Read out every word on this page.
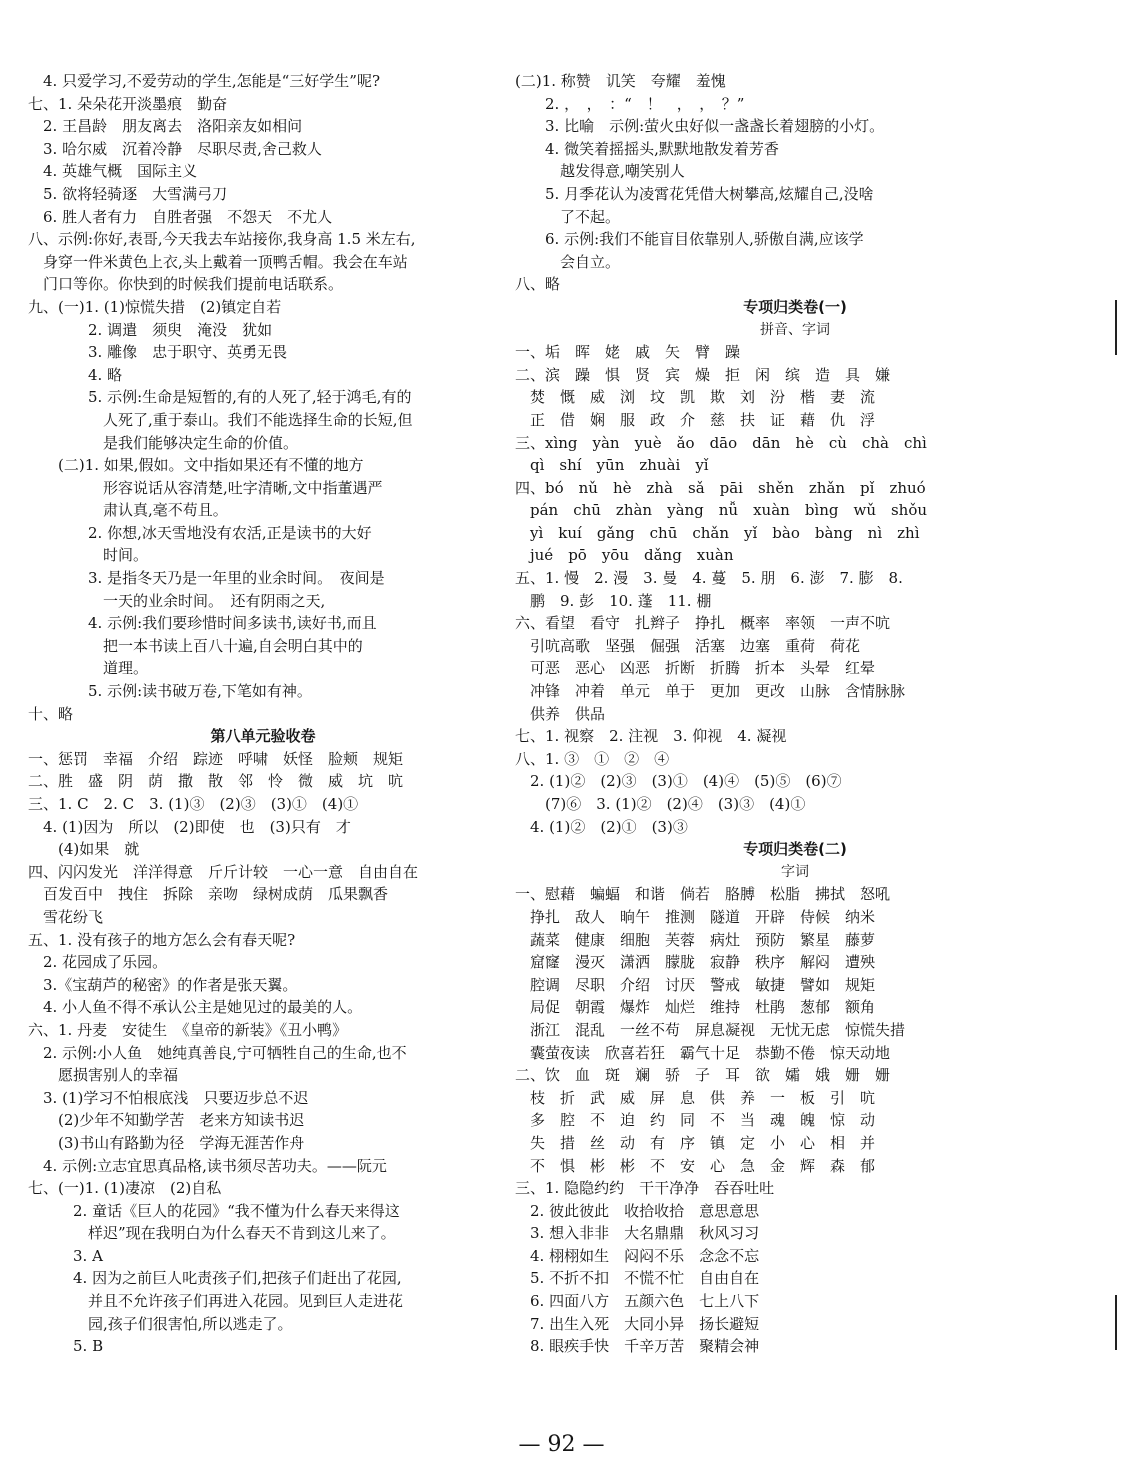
　4. 只爱学习,不爱劳动的学生,怎能是“三好学生”呢?
七、1. 朵朵花开淡墨痕　勤奋
　2. 王昌龄　朋友离去　洛阳亲友如相问
　3. 哈尔威　沉着冷静　尽职尽责,舍己救人
　4. 英雄气概　国际主义
　5. 欲将轻骑逐　大雪满弓刀
　6. 胜人者有力　自胜者强　不怨天　不尤人
八、示例:你好,表哥,今天我去车站接你,我身高 1.5 米左右,
　身穿一件米黄色上衣,头上戴着一顶鸭舌帽。我会在车站
　门口等你。你快到的时候我们提前电话联系。
九、(一)1. (1)惊慌失措　(2)镇定自若
　　　　2. 调遣　须臾　淹没　犹如
　　　　3. 雕像　忠于职守、英勇无畏
　　　　4. 略
　　　　5. 示例:生命是短暂的,有的人死了,轻于鸿毛,有的
　　　　　人死了,重于泰山。我们不能选择生命的长短,但
　　　　　是我们能够决定生命的价值。
　　(二)1. 如果,假如。文中指如果还有不懂的地方
　　　　　形容说话从容清楚,吐字清晰,文中指董遇严
　　　　　肃认真,毫不苟且。
　　　　2. 你想,冰天雪地没有农活,正是读书的大好
　　　　　时间。
　　　　3. 是指冬天乃是一年里的业余时间。　夜间是
　　　　　一天的业余时间。　还有阴雨之天,
　　　　4. 示例:我们要珍惜时间多读书,读好书,而且
　　　　　把一本书读上百八十遍,自会明白其中的
　　　　　道理。
　　　　5. 示例:读书破万卷,下笔如有神。
十、略
第八单元验收卷
一、惩罚　幸福　介绍　踪迹　呼啸　妖怪　脸颊　规矩
二、胜　盛　阴　荫　撒　散　邻　怜　微　威　坑　吭
三、1. C　2. C　3. (1)③　(2)③　(3)①　(4)①
　4. (1)因为　所以　(2)即使　也　(3)只有　才
　　(4)如果　就
四、闪闪发光　洋洋得意　斤斤计较　一心一意　自由自在
　百发百中　拽住　拆除　亲吻　绿树成荫　瓜果飘香
　雪花纷飞
五、1. 没有孩子的地方怎么会有春天呢?
　2. 花园成了乐园。
　3.《宝葫芦的秘密》的作者是张天翼。
　4. 小人鱼不得不承认公主是她见过的最美的人。
六、1. 丹麦　安徒生　《皇帝的新装》《丑小鸭》
　2. 示例:小人鱼　她纯真善良,宁可牺牲自己的生命,也不
　　愿损害别人的幸福
　3. (1)学习不怕根底浅　只要迈步总不迟
　　(2)少年不知勤学苦　老来方知读书迟
　　(3)书山有路勤为径　学海无涯苦作舟
　4. 示例:立志宜思真品格,读书须尽苦功夫。——阮元
七、(一)1. (1)凄凉　(2)自私
　　　2. 童话《巨人的花园》“我不懂为什么春天来得这
　　　　样迟”现在我明白为什么春天不肯到这儿来了。
　　　3. A
　　　4. 因为之前巨人叱责孩子们,把孩子们赶出了花园,
　　　　并且不允许孩子们再进入花园。见到巨人走进花
　　　　园,孩子们很害怕,所以逃走了。
　　　5. B
(二)1. 称赞　讥笑　夸耀　羞愧
　　2. ，　，　：“　！　，　，　？”
　　3. 比喻　示例:萤火虫好似一盏盏长着翅膀的小灯。
　　4. 微笑着摇摇头,默默地散发着芳香
　　　越发得意,嘲笑别人
　　5. 月季花认为凌霄花凭借大树攀高,炫耀自己,没啥
　　　了不起。
　　6. 示例:我们不能盲目依靠别人,骄傲自满,应该学
　　　会自立。
八、略
专项归类卷(一)
拼音、字词
一、垢　晖　姥　戚　矢　臂　躁
二、滨　躁　惧　贤　宾　燥　拒　闲　缤　造　具　嫌
　焚　慨　威　浏　坟　凯　欺　刘　汾　楷　妻　流
　正　借　娴　服　政　介　慈　扶　证　藉　仇　浮
三、xìng　yàn　yuè　ǎo　dāo　dān　hè　cù　chà　chì
　qì　shí　yūn　zhuài　yǐ
四、bó　nǔ　hè　zhà　sǎ　pāi　shěn　zhǎn　pǐ　zhuó
　pán　chū　zhàn　yàng　nǚ　xuàn　bìng　wǔ　shǒu
　yì　kuí　gǎng　chū　chǎn　yǐ　bào　bàng　nì　zhì
　jué　pō　yōu　dǎng　xuàn
五、1. 慢　2. 漫　3. 曼　4. 蔓　5. 朋　6. 澎　7. 膨　8.
　鹏　9. 彭　10. 蓬　11. 棚
六、看望　看守　扎辫子　挣扎　概率　率领　一声不吭
　引吭高歌　坚强　倔强　活塞　边塞　重荷　荷花
　可恶　恶心　凶恶　折断　折腾　折本　头晕　红晕
　冲锋　冲着　单元　单于　更加　更改　山脉　含情脉脉
　供养　供品
七、1. 视察　2. 注视　3. 仰视　4. 凝视
八、1. ③　①　②　④
　2. (1)②　(2)③　(3)①　(4)④　(5)⑤　(6)⑦
　　(7)⑥　3. (1)②　(2)④　(3)③　(4)①
　4. (1)②　(2)①　(3)③
专项归类卷(二)
字词
一、慰藉　蝙蝠　和谐　倘若　胳膊　松脂　拂拭　怒吼
　挣扎　敌人　晌午　推测　隧道　开辟　侍候　纳米
　蔬菜　健康　细胞　芙蓉　病灶　预防　繁星　藤萝
　窟窿　漫灭　潇洒　朦胧　寂静　秩序　解闷　遭殃
　腔调　尽职　介绍　讨厌　警戒　敏捷　譬如　规矩
　局促　朝霞　爆炸　灿烂　维持　杜鹃　葱郁　额角
　浙江　混乱　一丝不苟　屏息凝视　无忧无虑　惊慌失措
　囊萤夜读　欣喜若狂　霸气十足　恭勤不倦　惊天动地
二、饮　血　斑　斓　骄　子　耳　欲　孀　娥　姗　姗
　枝　折　武　威　屏　息　供　养　一　板　引　吭
　多　腔　不　迫　约　同　不　当　魂　魄　惊　动
　失　措　丝　动　有　序　镇　定　小　心　相　并
　不　惧　彬　彬　不　安　心　急　金　辉　森　郁
三、1. 隐隐约约　干干净净　吞吞吐吐
　2. 彼此彼此　收拾收拾　意思意思
　3. 想入非非　大名鼎鼎　秋风习习
　4. 栩栩如生　闷闷不乐　念念不忘
　5. 不折不扣　不慌不忙　自由自在
　6. 四面八方　五颜六色　七上八下
　7. 出生入死　大同小异　扬长避短
　8. 眼疾手快　千辛万苦　聚精会神
— 92 —
